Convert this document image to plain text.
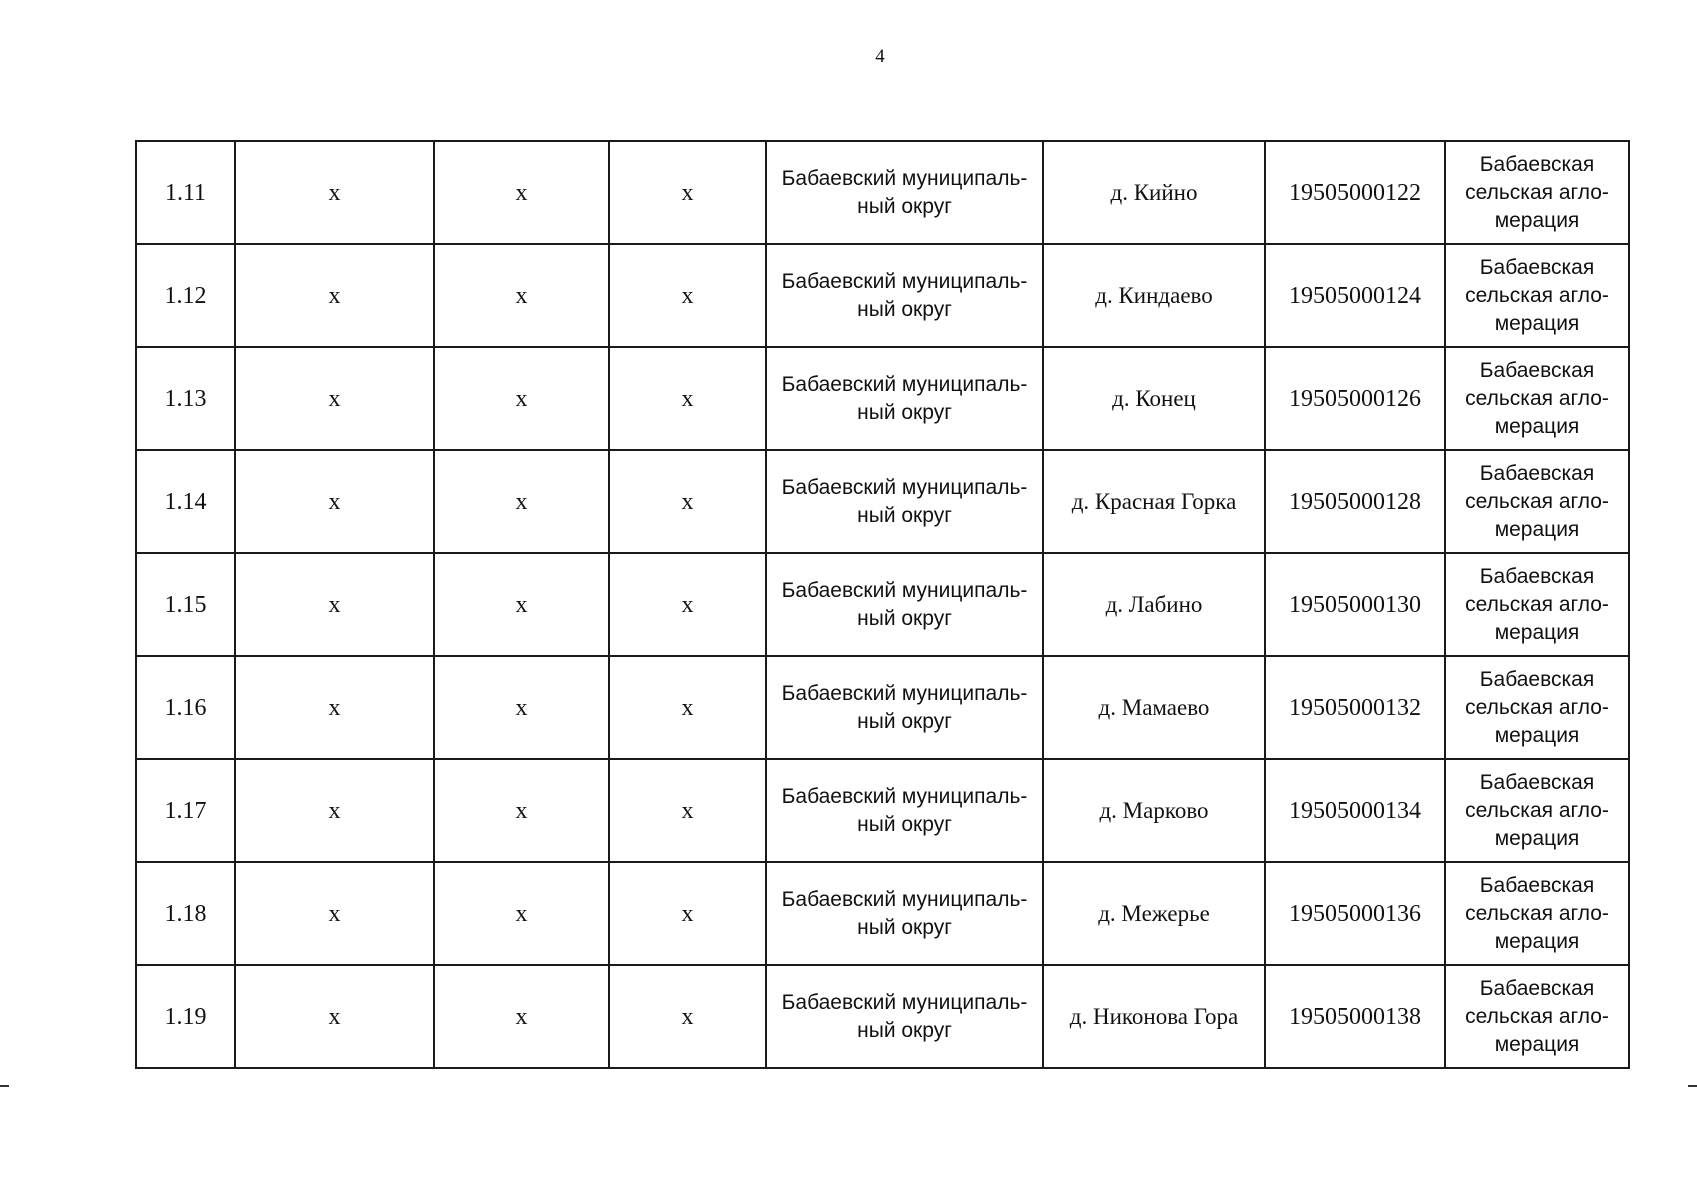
4
1.11	х	х	х	Бабаевский муниципаль-
ный округ	д. Кийно	19505000122	Бабаевская
сельская агло-
мерация

1.12	х	х	х	Бабаевский муниципаль-
ный округ	д. Киндаево	19505000124	Бабаевская
сельская агло-
мерация

1.13	х	х	х	Бабаевский муниципаль-
ный округ	д. Конец	19505000126	Бабаевская
сельская агло-
мерация

1.14	х	х	х	Бабаевский муниципаль-
ный округ	д. Красная Горка	19505000128	Бабаевская
сельская агло-
мерация

1.15	х	х	х	Бабаевский муниципаль-
ный округ	д. Лабино	19505000130	Бабаевская
сельская агло-
мерация

1.16	х	х	х	Бабаевский муниципаль-
ный округ	д. Мамаево	19505000132	Бабаевская
сельская агло-
мерация

1.17	х	х	х	Бабаевский муниципаль-
ный округ	д. Марково	19505000134	Бабаевская
сельская агло-
мерация

1.18	х	х	х	Бабаевский муниципаль-
ный округ	д. Межерье	19505000136	Бабаевская
сельская агло-
мерация

1.19	х	х	х	Бабаевский муниципаль-
ный округ	д. Никонова Гора	19505000138	Бабаевская
сельская агло-
мерация
